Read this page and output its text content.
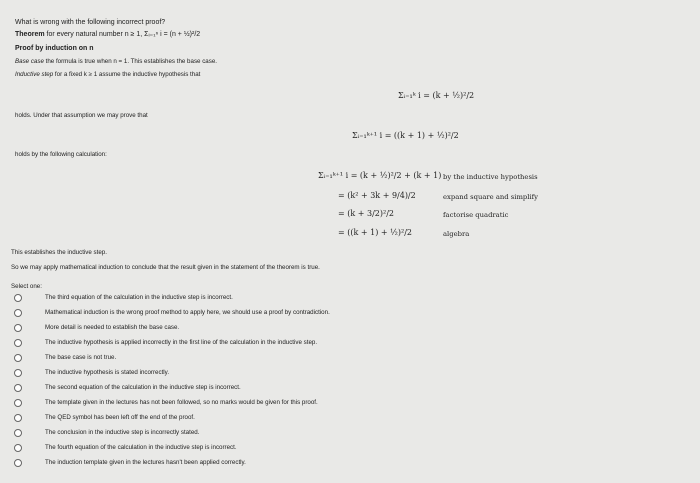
What is wrong with the following incorrect proof?
Theorem for every natural number n ≥ 1, Σᵢ₌₁ⁿ i = (n + ½)²/2
Proof by induction on n
Base case the formula is true when n = 1. This establishes the base case.
Inductive step for a fixed k ≥ 1 assume the inductive hypothesis that
Σᵢ₌₁ᵏ i = (k + ½)²/2
holds. Under that assumption we may prove that
Σᵢ₌₁ᵏ⁺¹ i = ((k + 1) + ½)²/2
holds by the following calculation:
Σᵢ₌₁ᵏ⁺¹ i = (k + ½)²/2 + (k + 1) by the inductive hypothesis
= (k² + 3k + 9/4)/2	expand square and simplify
= (k + 3/2)²/2	factorise quadratic
= ((k + 1) + ½)²/2	algebra
This establishes the inductive step.
So we may apply mathematical induction to conclude that the result given in the statement of the theorem is true.
Select one:
The third equation of the calculation in the inductive step is incorrect.
Mathematical induction is the wrong proof method to apply here, we should use a proof by contradiction.
More detail is needed to establish the base case.
The inductive hypothesis is applied incorrectly in the first line of the calculation in the inductive step.
The base case is not true.
The inductive hypothesis is stated incorrectly.
The second equation of the calculation in the inductive step is incorrect.
The template given in the lectures has not been followed, so no marks would be given for this proof.
The QED symbol has been left off the end of the proof.
The conclusion in the inductive step is incorrectly stated.
The fourth equation of the calculation in the inductive step is incorrect.
The induction template given in the lectures hasn't been applied correctly.
